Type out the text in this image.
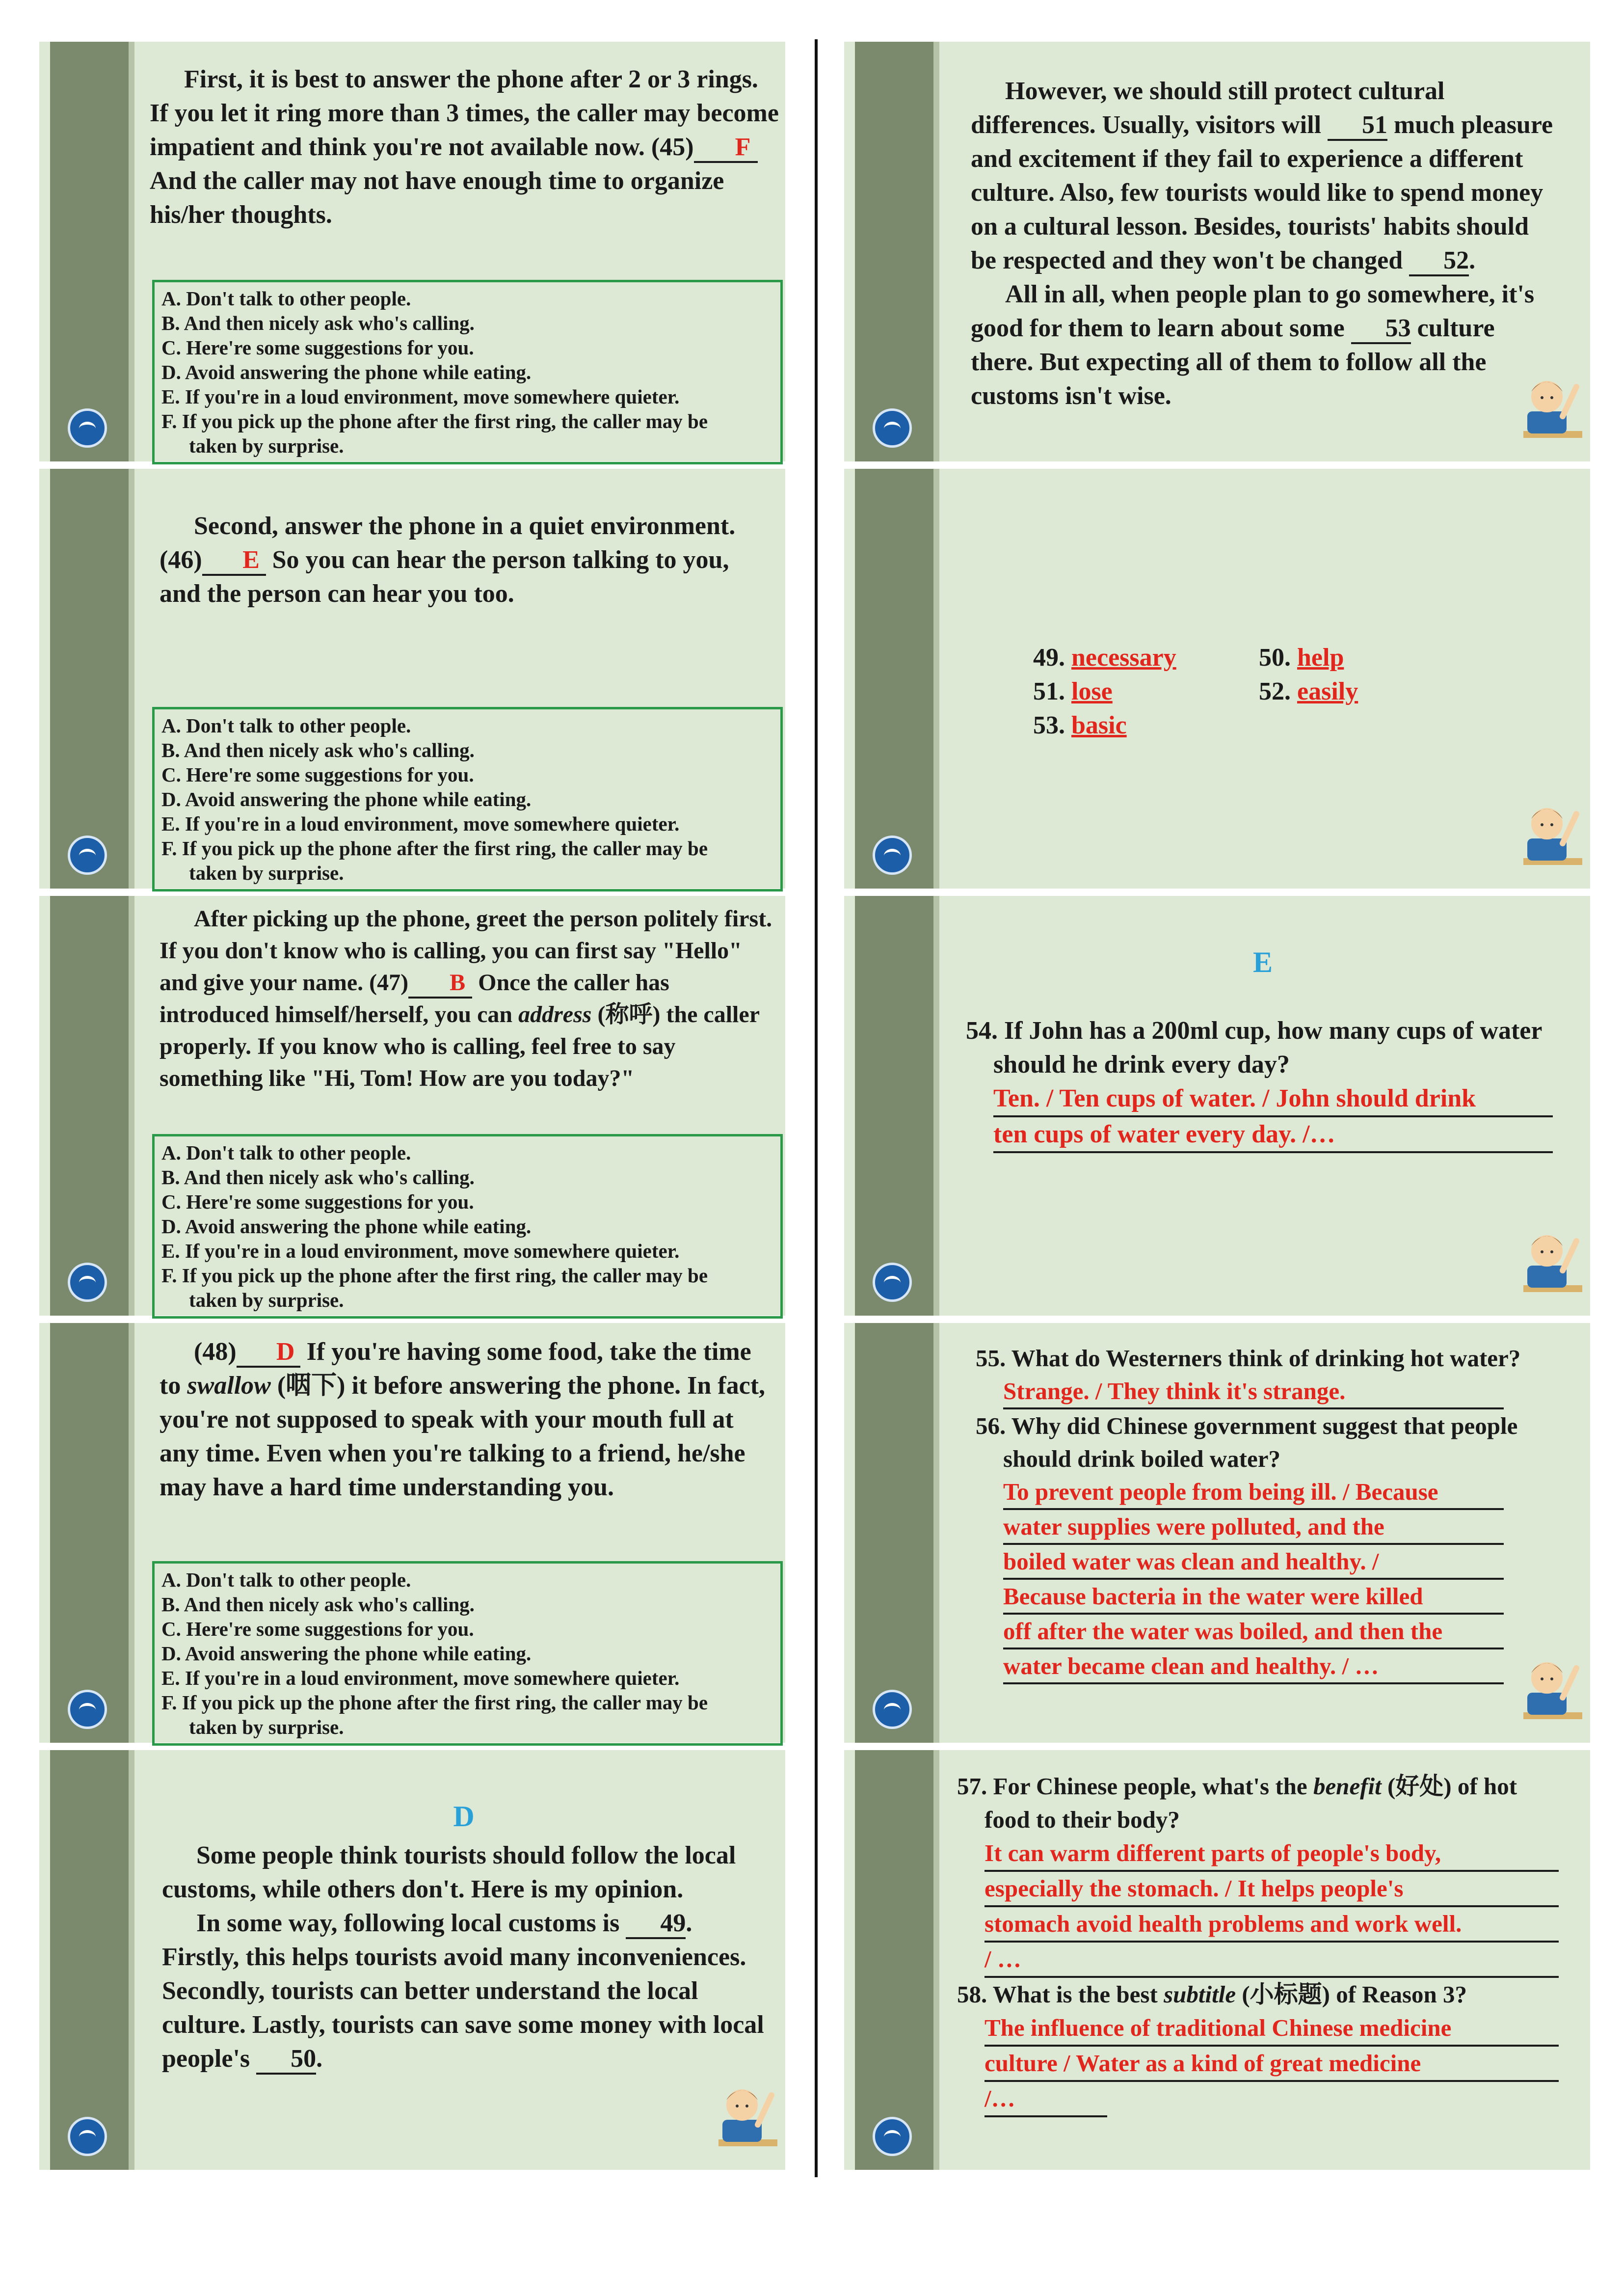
First, it is best to answer the phone after 2 or 3 rings. If you let it ring more than 3 times, the caller may become impatient and think you're not available now. (45) F And the caller may not have enough time to organize his/her thoughts.

A. Don't talk to other people.

B. And then nicely ask who's calling.

C. Here're some suggestions for you.

D. Avoid answering the phone while eating.

E. If you're in a loud environment, move somewhere quieter.

F. If you pick up the phone after the first ring, the caller may be

taken by surprise.

Second, answer the phone in a quiet environment. (46) E So you can hear the person talking to you, and the person can hear you too.

A. Don't talk to other people.

B. And then nicely ask who's calling.

C. Here're some suggestions for you.

D. Avoid answering the phone while eating.

E. If you're in a loud environment, move somewhere quieter.

F. If you pick up the phone after the first ring, the caller may be

taken by surprise.

After picking up the phone, greet the person politely first. If you don't know who is calling, you can first say "Hello" and give your name. (47) B Once the caller has introduced himself/herself, you can address (称呼) the caller properly. If you know who is calling, feel free to say something like "Hi, Tom! How are you today?"

A. Don't talk to other people.

B. And then nicely ask who's calling.

C. Here're some suggestions for you.

D. Avoid answering the phone while eating.

E. If you're in a loud environment, move somewhere quieter.

F. If you pick up the phone after the first ring, the caller may be

taken by surprise.

(48) D If you're having some food, take the time to swallow (咽下) it before answering the phone. In fact, you're not supposed to speak with your mouth full at any time. Even when you're talking to a friend, he/she may have a hard time understanding you.

A. Don't talk to other people.

B. And then nicely ask who's calling.

C. Here're some suggestions for you.

D. Avoid answering the phone while eating.

E. If you're in a loud environment, move somewhere quieter.

F. If you pick up the phone after the first ring, the caller may be

taken by surprise.

D

Some people think tourists should follow the local customs, while others don't. Here is my opinion.

In some way, following local customs is 49. Firstly, this helps tourists avoid many inconveniences. Secondly, tourists can better understand the local culture. Lastly, tourists can save some money with local people's 50.

However, we should still protect cultural differences. Usually, visitors will 51 much pleasure and excitement if they fail to experience a different culture. Also, few tourists would like to spend money on a cultural lesson. Besides, tourists' habits should be respected and they won't be changed 52.

All in all, when people plan to go somewhere, it's good for them to learn about some 53 culture there. But expecting all of them to follow all the customs isn't wise.

49. necessary	50. help
51. lose	52. easily
53. basic

E

54. If John has a 200ml cup, how many cups of water should he drink every day?

Ten. / Ten cups of water. / John should drink
ten cups of water every day. /…

55. What do Westerners think of drinking hot water?

Strange. / They think it's strange.

56. Why did Chinese government suggest that people should drink boiled water?

To prevent people from being ill. / Because
water supplies were polluted, and the
boiled water was clean and healthy. /
Because bacteria in the water were killed
off after the water was boiled, and then the
water became clean and healthy. / …

57. For Chinese people, what's the benefit (好处) of hot food to their body?

It can warm different parts of people's body,
especially the stomach. / It helps people's
stomach avoid health problems and work well.
/ …

58. What is the best subtitle (小标题) of Reason 3?

The influence of traditional Chinese medicine
culture / Water as a kind of great medicine
/…
